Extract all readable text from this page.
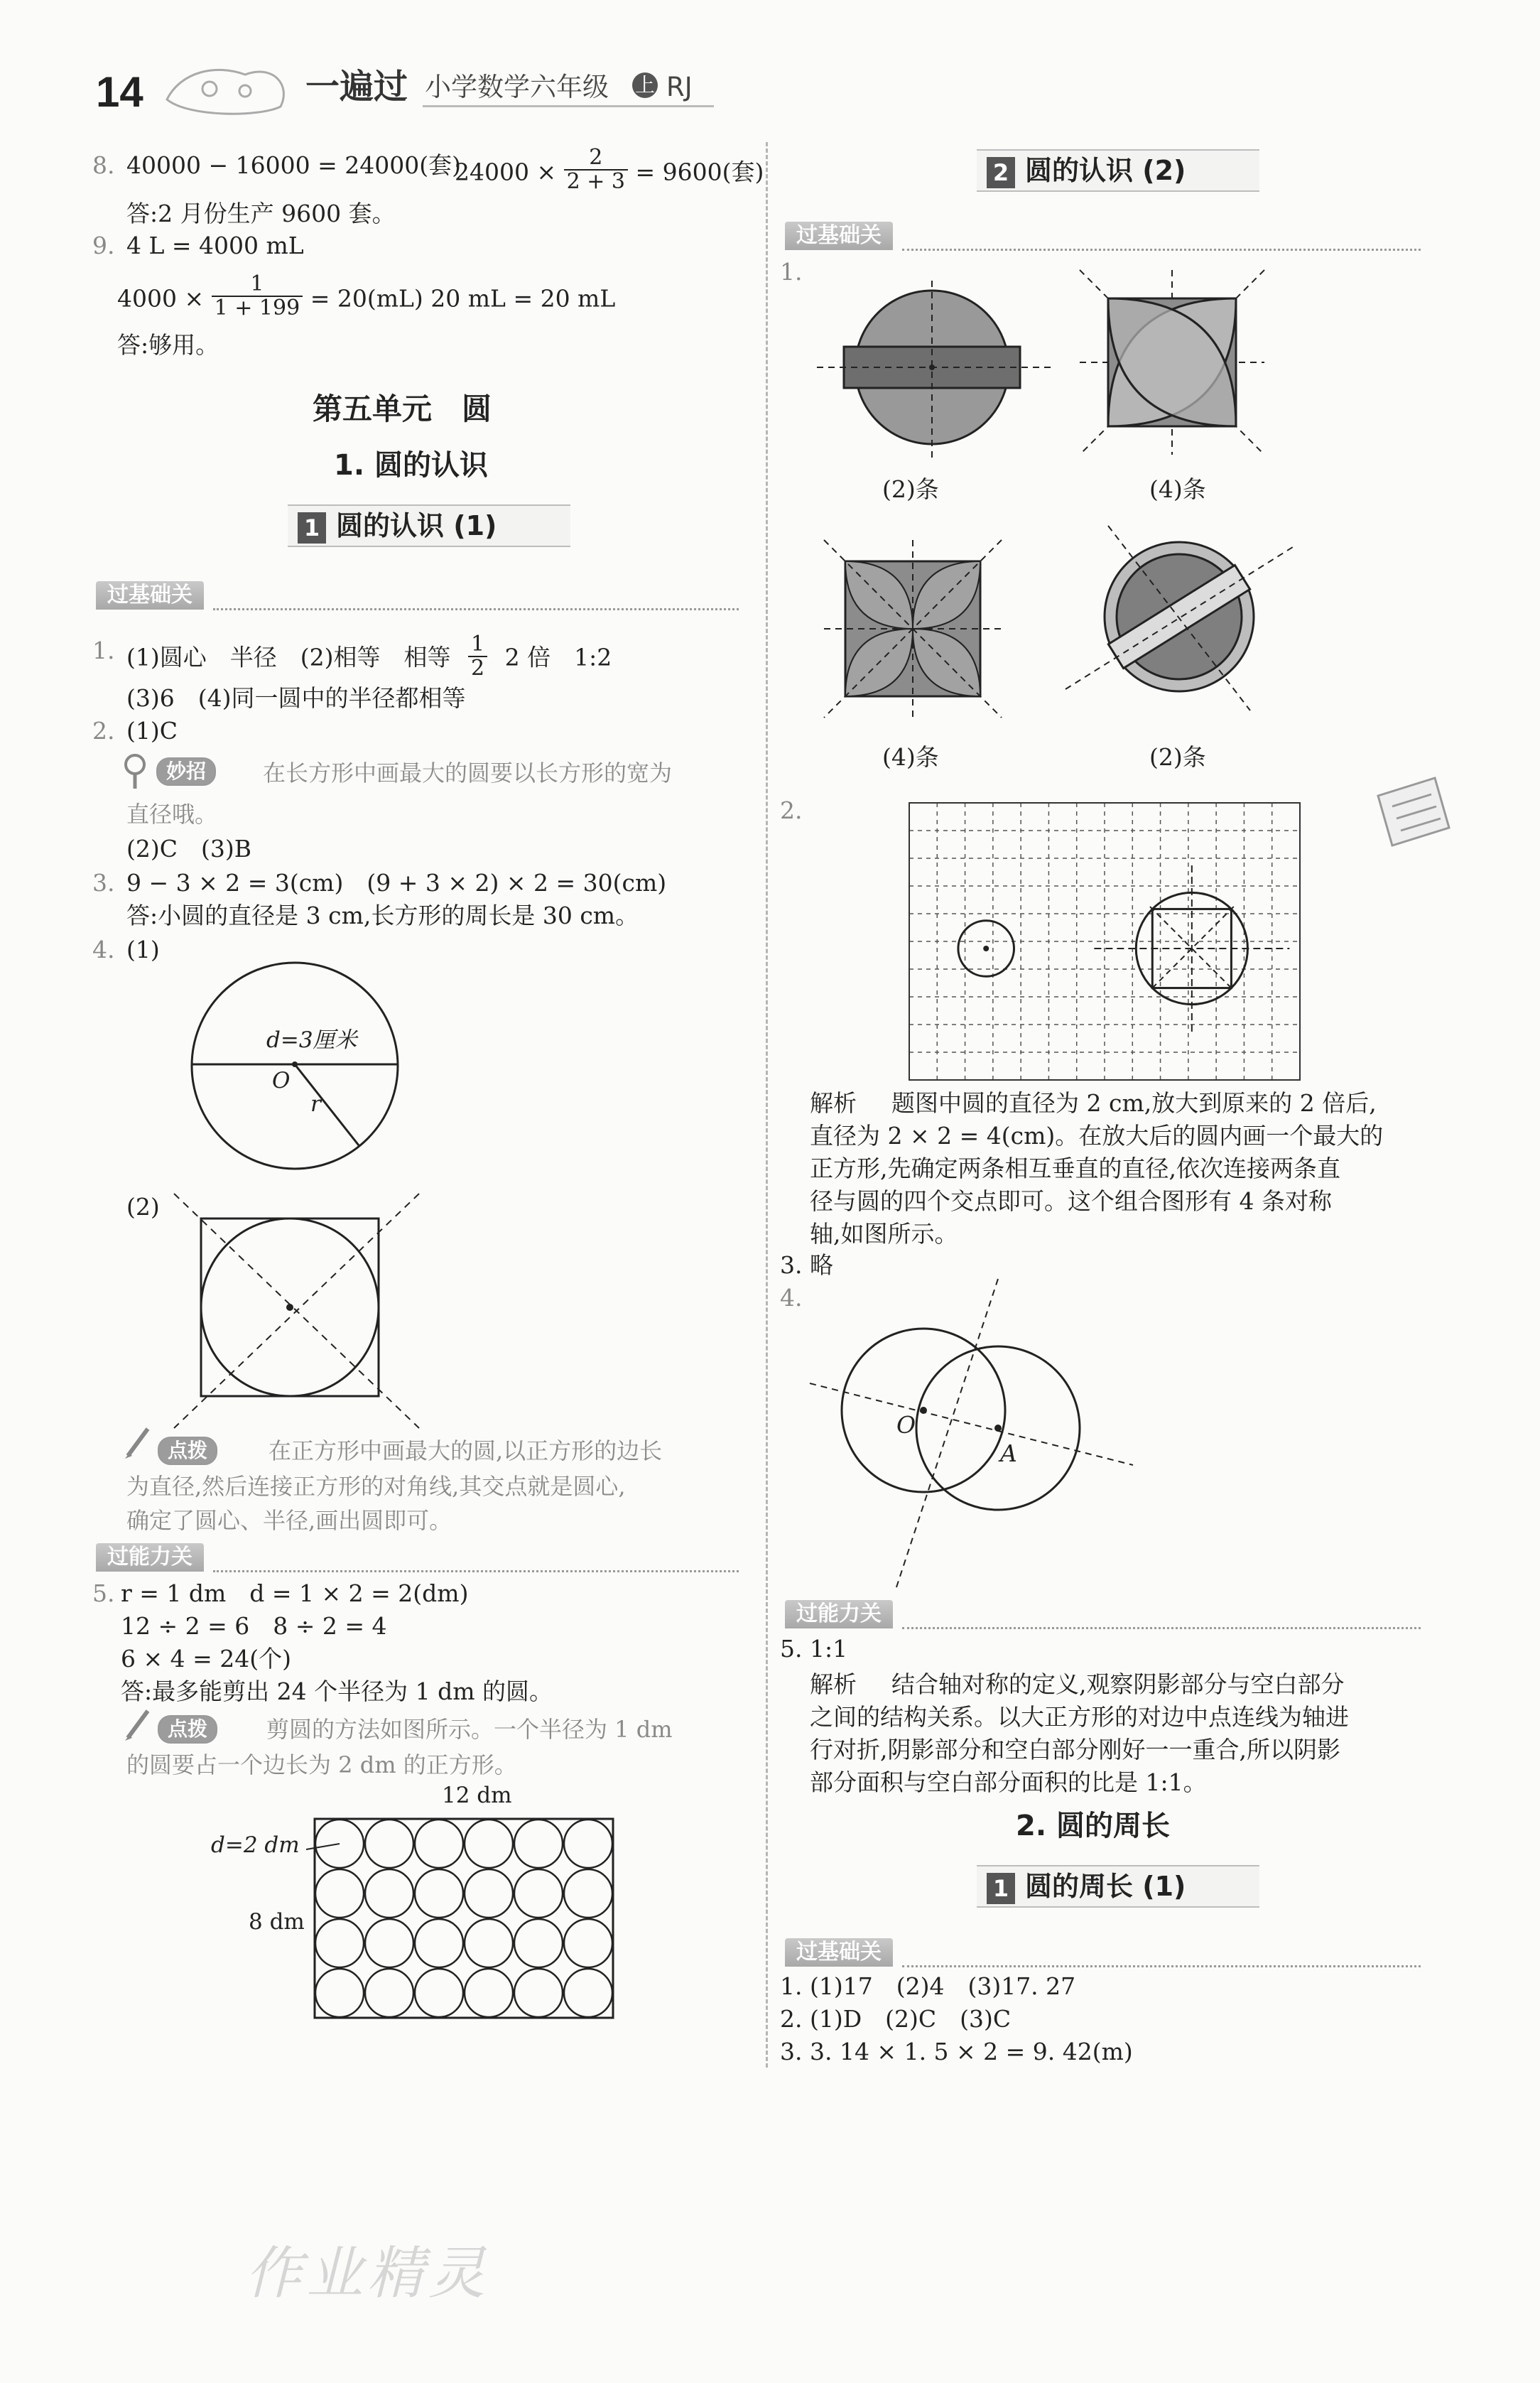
14	一遍过 小学数学六年级 上 RJ
8. 40000 − 16000 = 24000(套)
$24000 \times \frac{2}{2 + 3} = 9600$(套)
答:2 月份生产 9600 套。
9. 4 L = 4000 mL
$4000 \times \frac{1}{1 + 199} = 20(mL)$ 20 mL = 20 mL
答:够用。
第五单元　圆
1. 圆的认识
1 圆的认识 (1)
过基础关
1. (1)圆心　半径　(2)相等　相等 $\frac{1}{2} 2$ 倍　1:2
(3)6　(4)同一圆中的半径都相等
2. (1)C
妙招	在长方形中画最大的圆要以长方形的宽为
直径哦。
(2)C　(3)B
3. 9 − 3 × 2 = 3(cm)　(9 + 3 × 2) × 2 = 30(cm)
答:小圆的直径是 3 cm,长方形的周长是 30 cm。
4. (1)
d=3厘米
O
r
(2)
点拨	在正方形中画最大的圆,以正方形的边长
为直径,然后连接正方形的对角线,其交点就是圆心,
确定了圆心、半径,画出圆即可。
过能力关
5. r = 1 dm　d = 1 × 2 = 2(dm)
12 ÷ 2 = 6　8 ÷ 2 = 4
6 × 4 = 24(个)
答:最多能剪出 24 个半径为 1 dm 的圆。
点拨	剪圆的方法如图所示。一个半径为 1 dm
的圆要占一个边长为 2 dm 的正方形。
12 dm
d=2 dm
8 dm
2 圆的认识 (2)
过基础关
1.
(2)条	(4)条
(4)条	(2)条
2.
解析 题图中圆的直径为 2 cm,放大到原来的 2 倍后,
直径为 2 × 2 = 4(cm)。在放大后的圆内画一个最大的
正方形,先确定两条相互垂直的直径,依次连接两条直
径与圆的四个交点即可。这个组合图形有 4 条对称
轴,如图所示。
3. 略
4.
O
A
过能力关
5. 1:1
解析 结合轴对称的定义,观察阴影部分与空白部分
之间的结构关系。以大正方形的对边中点连线为轴进
行对折,阴影部分和空白部分刚好一一重合,所以阴影
部分面积与空白部分面积的比是 1:1。
2. 圆的周长
1 圆的周长 (1)
过基础关
1. (1)17　(2)4　(3)17. 27
2. (1)D　(2)C　(3)C
3. 3. 14 × 1. 5 × 2 = 9. 42(m)
作业精灵
